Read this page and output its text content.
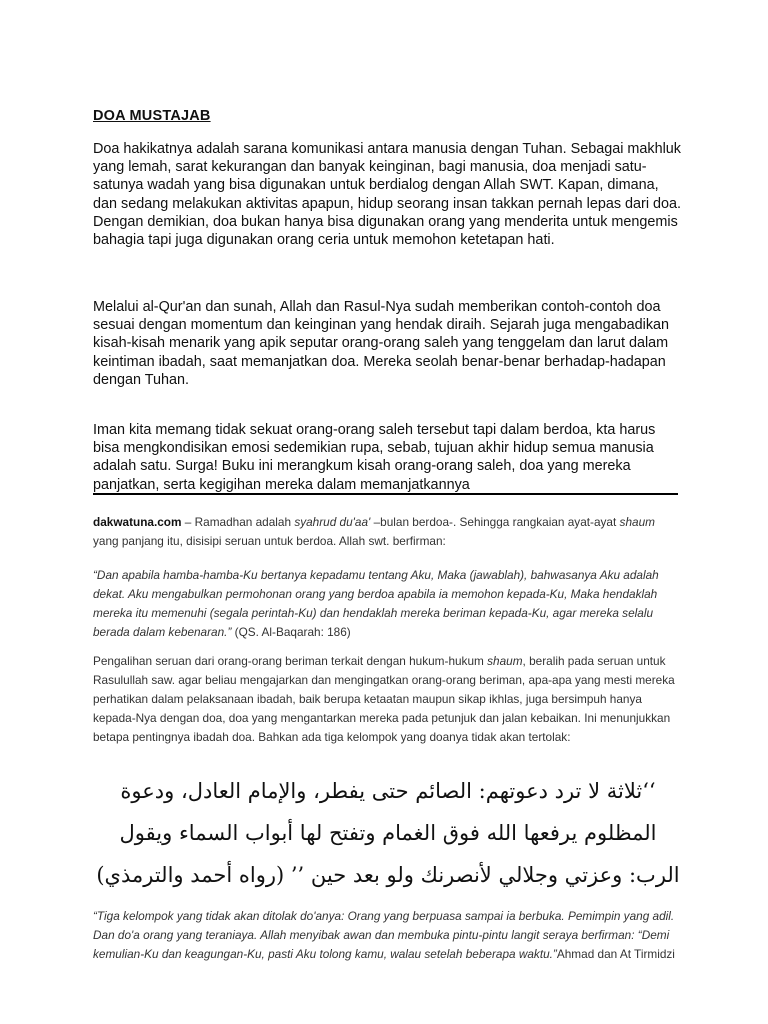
DOA MUSTAJAB
Doa hakikatnya adalah sarana komunikasi antara manusia dengan Tuhan. Sebagai makhluk yang lemah, sarat kekurangan dan banyak keinginan, bagi manusia, doa menjadi satu-satunya wadah yang bisa digunakan untuk berdialog dengan Allah SWT. Kapan, dimana, dan sedang melakukan aktivitas apapun, hidup seorang insan takkan pernah lepas dari doa. Dengan demikian, doa bukan hanya bisa digunakan orang yang menderita untuk mengemis bahagia tapi juga digunakan orang ceria untuk memohon ketetapan hati.
Melalui al-Qur'an dan sunah, Allah dan Rasul-Nya sudah memberikan contoh-contoh doa sesuai dengan momentum dan keinginan yang hendak diraih. Sejarah juga mengabadikan kisah-kisah menarik yang apik seputar orang-orang saleh yang tenggelam dan larut dalam keintiman ibadah, saat memanjatkan doa. Mereka seolah benar-benar berhadap-hadapan dengan Tuhan.
Iman kita memang tidak sekuat orang-orang saleh tersebut tapi dalam berdoa, kta harus bisa mengkondisikan emosi sedemikian rupa, sebab, tujuan akhir hidup semua manusia adalah satu. Surga! Buku ini merangkum kisah orang-orang saleh, doa yang mereka panjatkan, serta kegigihan mereka dalam memanjatkannya
dakwatuna.com – Ramadhan adalah syahrud du'aa' –bulan berdoa-. Sehingga rangkaian ayat-ayat shaum yang panjang itu, disisipi seruan untuk berdoa. Allah swt. berfirman:
“Dan apabila hamba-hamba-Ku bertanya kepadamu tentang Aku, Maka (jawablah), bahwasanya Aku adalah dekat. Aku mengabulkan permohonan orang yang berdoa apabila ia memohon kepada-Ku, Maka hendaklah mereka itu memenuhi (segala perintah-Ku) dan hendaklah mereka beriman kepada-Ku, agar mereka selalu berada dalam kebenaran.” (QS. Al-Baqarah: 186)
Pengalihan seruan dari orang-orang beriman terkait dengan hukum-hukum shaum, beralih pada seruan untuk Rasulullah saw. agar beliau mengajarkan dan mengingatkan orang-orang beriman, apa-apa yang mesti mereka perhatikan dalam pelaksanaan ibadah, baik berupa ketaatan maupun sikap ikhlas, juga bersimpuh hanya kepada-Nya dengan doa, doa yang mengantarkan mereka pada petunjuk dan jalan kebaikan. Ini menunjukkan betapa pentingnya ibadah doa. Bahkan ada tiga kelompok yang doanya tidak akan tertolak:
‘‘ثلاثة لا ترد دعوتهم: الصائم حتى يفطر، والإمام العادل، ودعوة المظلوم يرفعها الله فوق الغمام وتفتح لها أبواب السماء ويقول الرب: وعزتي وجلالي لأنصرنك ولو بعد حين ’’ (رواه أحمد والترمذي)
“Tiga kelompok yang tidak akan ditolak do'anya: Orang yang berpuasa sampai ia berbuka. Pemimpin yang adil. Dan do'a orang yang teraniaya. Allah menyibak awan dan membuka pintu-pintu langit seraya berfirman: “Demi kemulian-Ku dan keagungan-Ku, pasti Aku tolong kamu, walau setelah beberapa waktu.”Ahmad dan At Tirmidzi
